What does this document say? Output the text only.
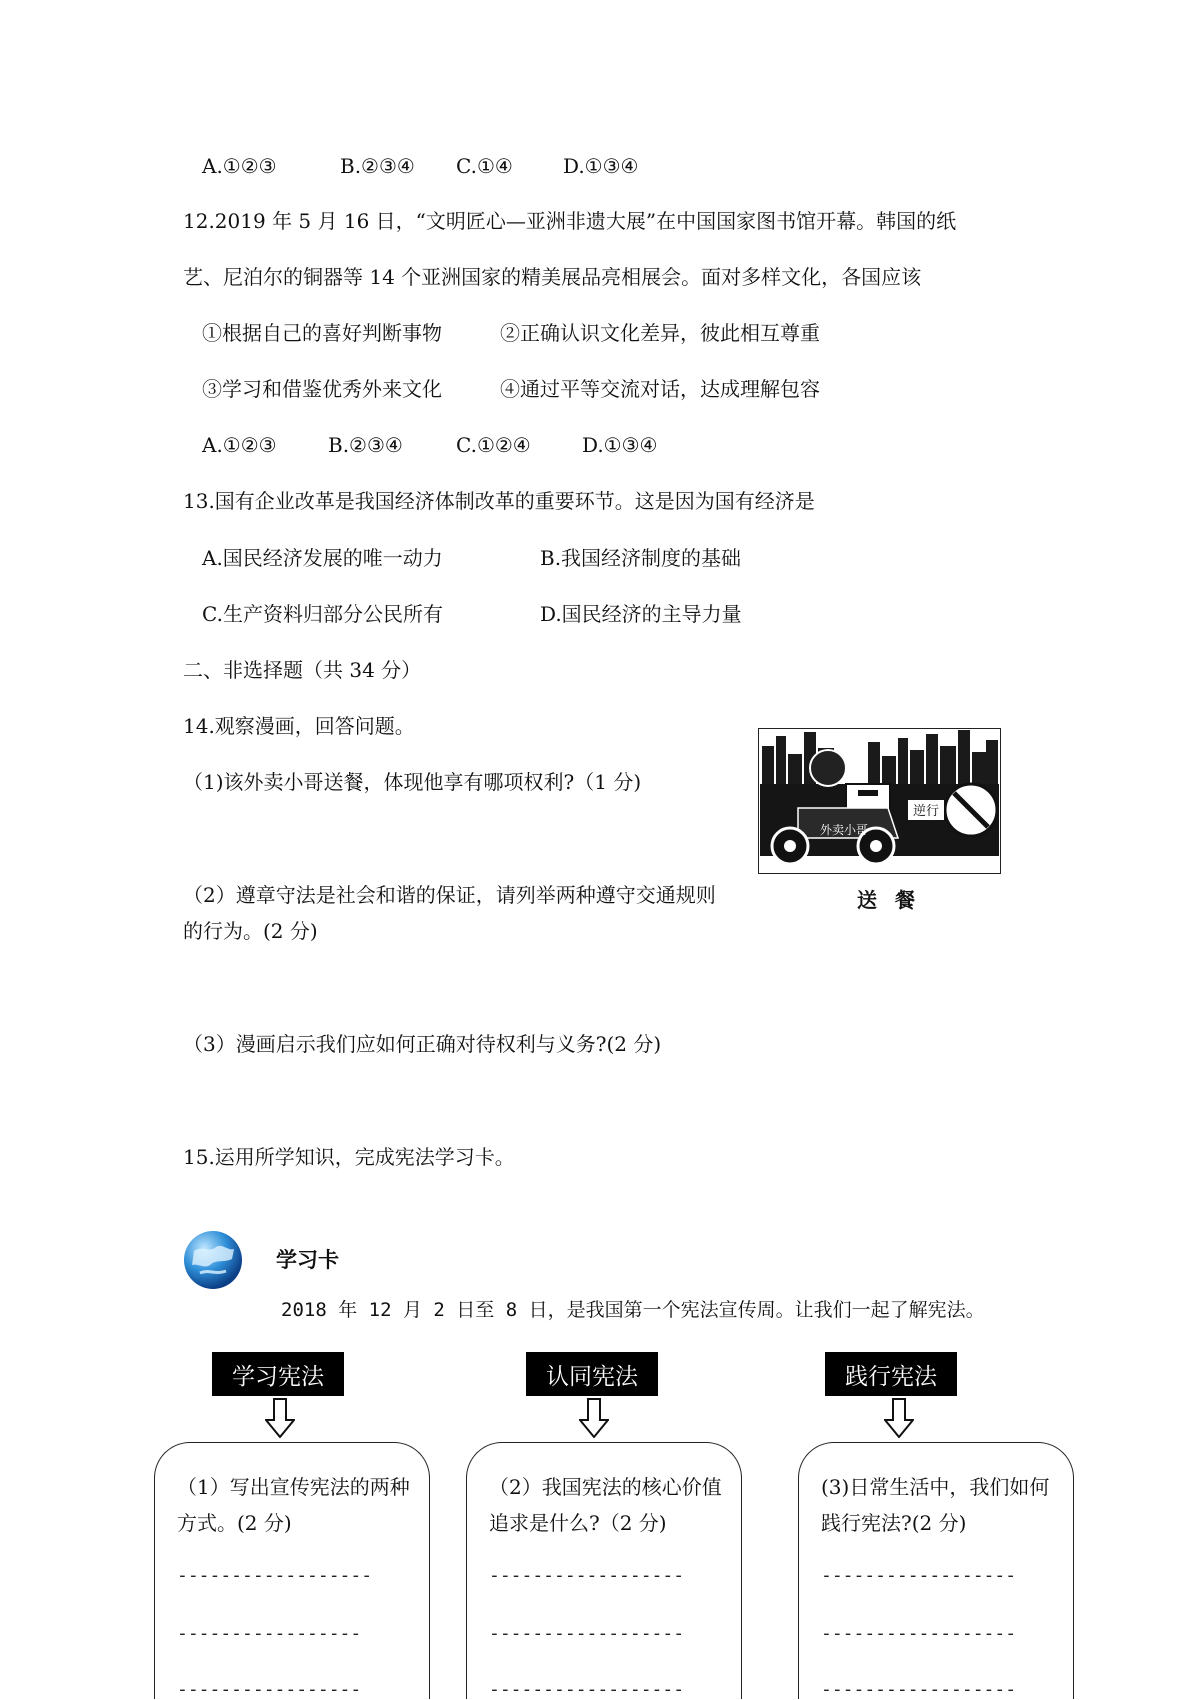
A.①②③	B.②③④ C.①④	D.①③④
12.2019 年 5 月 16 日，“文明匠心—亚洲非遗大展”在中国国家图书馆开幕。韩国的纸
艺、尼泊尔的铜器等 14 个亚洲国家的精美展品亮相展会。面对多样文化，各国应该
①根据自己的喜好判断事物	②正确认识文化差异，彼此相互尊重
③学习和借鉴优秀外来文化	④通过平等交流对话，达成理解包容
A.①②③	B.②③④	C.①②④	D.①③④
13.国有企业改革是我国经济体制改革的重要环节。这是因为国有经济是
A.国民经济发展的唯一动力	B.我国经济制度的基础
C.生产资料归部分公民所有	D.国民经济的主导力量
二、非选择题（共 34 分）
14.观察漫画，回答问题。
（1)该外卖小哥送餐，体现他享有哪项权利?（1 分)
（2）遵章守法是社会和谐的保证，请列举两种遵守交通规则
的行为。(2 分)
（3）漫画启示我们应如何正确对待权利与义务?(2 分)
逆行
外卖小哥
送餐
15.运用所学知识，完成宪法学习卡。
学习卡
2018 年 12 月 2 日至 8 日，是我国第一个宪法宣传周。让我们一起了解宪法。
学习宪法	认同宪法	践行宪法
（1）写出宣传宪法的两种方式。(2 分)
------------------
-----------------
-----------------
（2）我国宪法的核心价值追求是什么?（2 分)
------------------
------------------
------------------
(3)日常生活中，我们如何践行宪法?(2 分)
------------------
------------------
------------------
